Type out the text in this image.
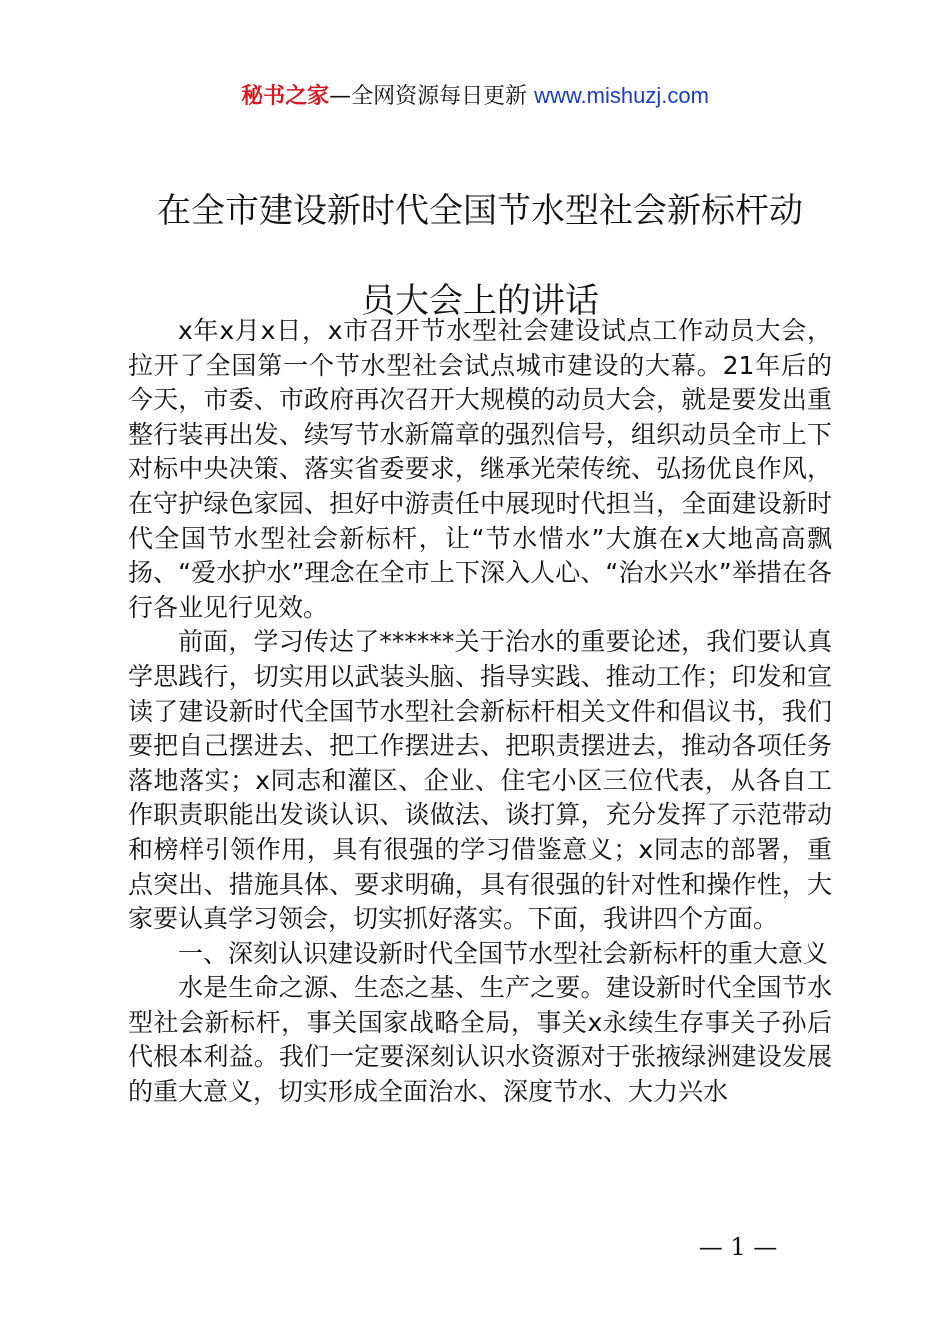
秘书之家—全网资源每日更新 www.mishuzj.com
在全市建设新时代全国节水型社会新标杆动
员大会上的讲话

x年x月x日，x市召开节水型社会建设试点工作动员大会，拉开了全国第一个节水型社会试点城市建设的大幕。21年后的今天，市委、市政府再次召开大规模的动员大会，就是要发出重整行装再出发、续写节水新篇章的强烈信号，组织动员全市上下对标中央决策、落实省委要求，继承光荣传统、弘扬优良作风，在守护绿色家园、担好中游责任中展现时代担当，全面建设新时代全国节水型社会新标杆，让“节水惜水”大旗在x大地高高飘扬、“爱水护水”理念在全市上下深入人心、“治水兴水”举措在各行各业见行见效。

前面，学习传达了******关于治水的重要论述，我们要认真学思践行，切实用以武装头脑、指导实践、推动工作；印发和宣读了建设新时代全国节水型社会新标杆相关文件和倡议书，我们要把自己摆进去、把工作摆进去、把职责摆进去，推动各项任务落地落实；x同志和灌区、企业、住宅小区三位代表，从各自工作职责职能出发谈认识、谈做法、谈打算，充分发挥了示范带动和榜样引领作用，具有很强的学习借鉴意义；x同志的部署，重点突出、措施具体、要求明确，具有很强的针对性和操作性，大家要认真学习领会，切实抓好落实。下面，我讲四个方面。

一、深刻认识建设新时代全国节水型社会新标杆的重大意义

水是生命之源、生态之基、生产之要。建设新时代全国节水型社会新标杆，事关国家战略全局，事关x永续生存事关子孙后代根本利益。我们一定要深刻认识水资源对于张掖绿洲建设发展的重大意义，切实形成全面治水、深度节水、大力兴水

— 1 —
